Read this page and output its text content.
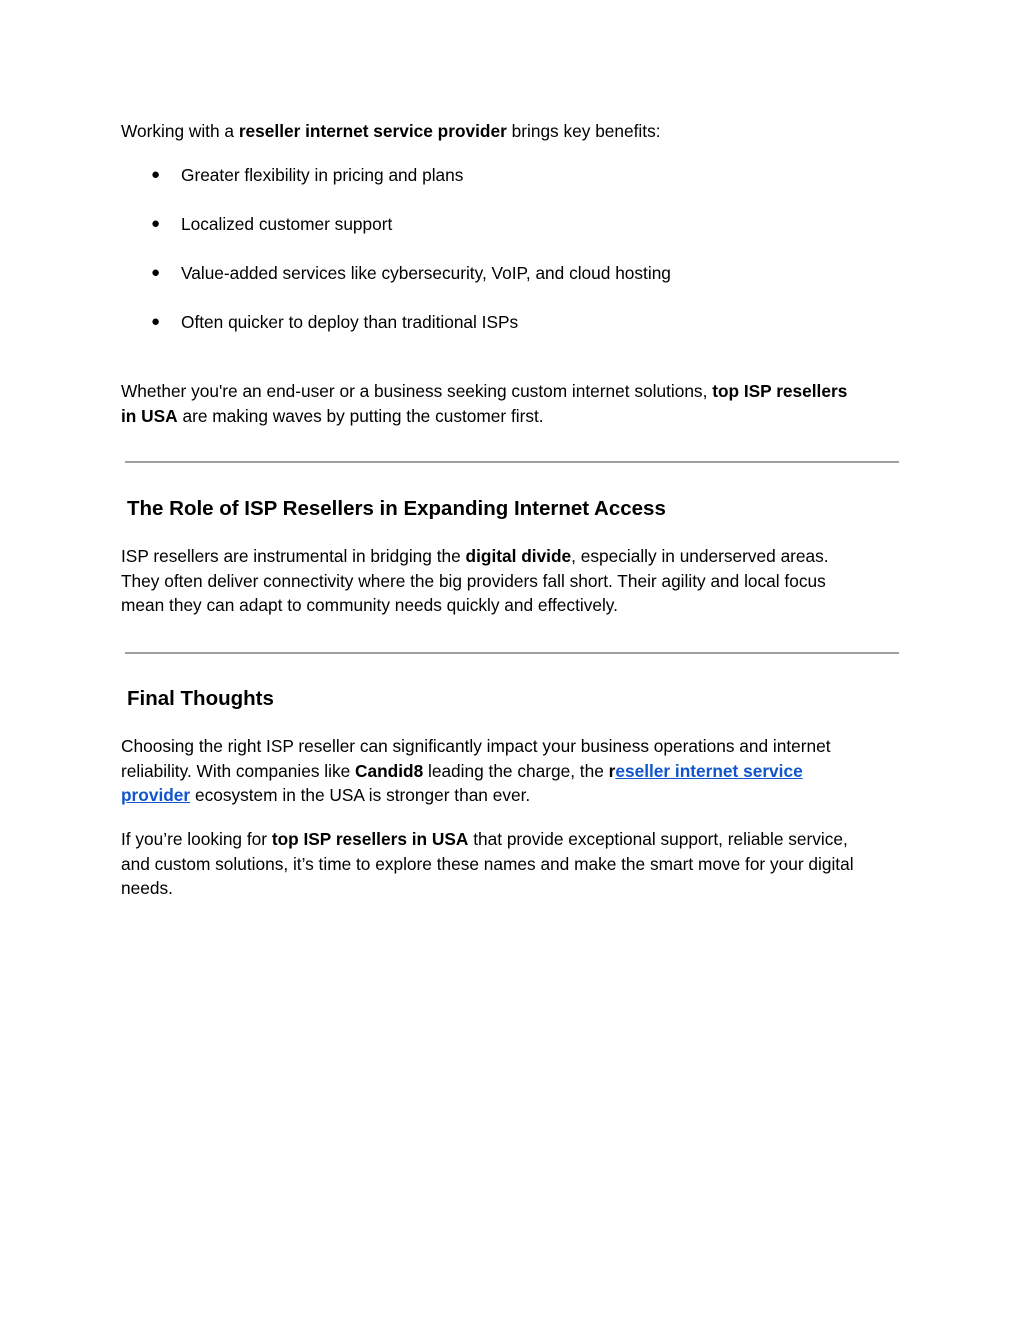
Working with a reseller internet service provider brings key benefits:

● Greater flexibility in pricing and plans
● Localized customer support
● Value-added services like cybersecurity, VoIP, and cloud hosting
● Often quicker to deploy than traditional ISPs

Whether you're an end-user or a business seeking custom internet solutions, top ISP resellers
in USA are making waves by putting the customer first.

The Role of ISP Resellers in Expanding Internet Access

ISP resellers are instrumental in bridging the digital divide, especially in underserved areas.
They often deliver connectivity where the big providers fall short. Their agility and local focus
mean they can adapt to community needs quickly and effectively.

Final Thoughts

Choosing the right ISP reseller can significantly impact your business operations and internet
reliability. With companies like Candid8 leading the charge, the reseller internet service
provider ecosystem in the USA is stronger than ever.

If you’re looking for top ISP resellers in USA that provide exceptional support, reliable service,
and custom solutions, it’s time to explore these names and make the smart move for your digital
needs.
